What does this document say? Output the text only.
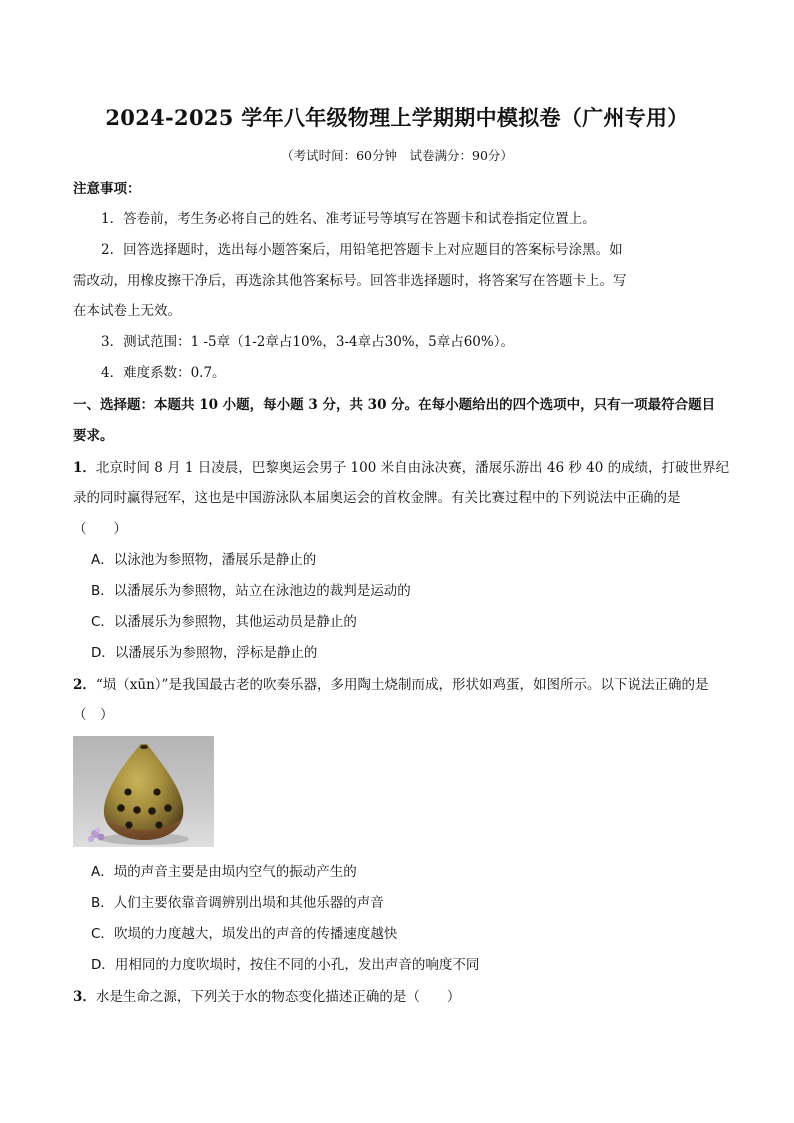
2024-2025 学年八年级物理上学期期中模拟卷（广州专用）
（考试时间：60分钟　试卷满分：90分）
注意事项：
1．答卷前，考生务必将自己的姓名、准考证号等填写在答题卡和试卷指定位置上。
2．回答选择题时，选出每小题答案后，用铅笔把答题卡上对应题目的答案标号涂黑。如
需改动，用橡皮擦干净后，再选涂其他答案标号。回答非选择题时，将答案写在答题卡上。写
在本试卷上无效。
3．测试范围：1 -5章（1-2章占10%，3-4章占30%，5章占60%）。
4．难度系数：0.7。
一、选择题：本题共 10 小题，每小题 3 分，共 30 分。在每小题给出的四个选项中，只有一项最符合题目
要求。
1．北京时间 8 月 1 日凌晨，巴黎奥运会男子 100 米自由泳决赛，潘展乐游出 46 秒 40 的成绩，打破世界纪
录的同时赢得冠军，这也是中国游泳队本届奥运会的首枚金牌。有关比赛过程中的下列说法中正确的是
（　　）
A．以泳池为参照物，潘展乐是静止的
B．以潘展乐为参照物，站立在泳池边的裁判是运动的
C．以潘展乐为参照物，其他运动员是静止的
D．以潘展乐为参照物，浮标是静止的
2．“埙（xūn）”是我国最古老的吹奏乐器，多用陶土烧制而成，形状如鸡蛋，如图所示。以下说法正确的是
（　）
A．埙的声音主要是由埙内空气的振动产生的
B．人们主要依靠音调辨别出埙和其他乐器的声音
C．吹埙的力度越大，埙发出的声音的传播速度越快
D．用相同的力度吹埙时，按住不同的小孔，发出声音的响度不同
3．水是生命之源，下列关于水的物态变化描述正确的是（　　）
